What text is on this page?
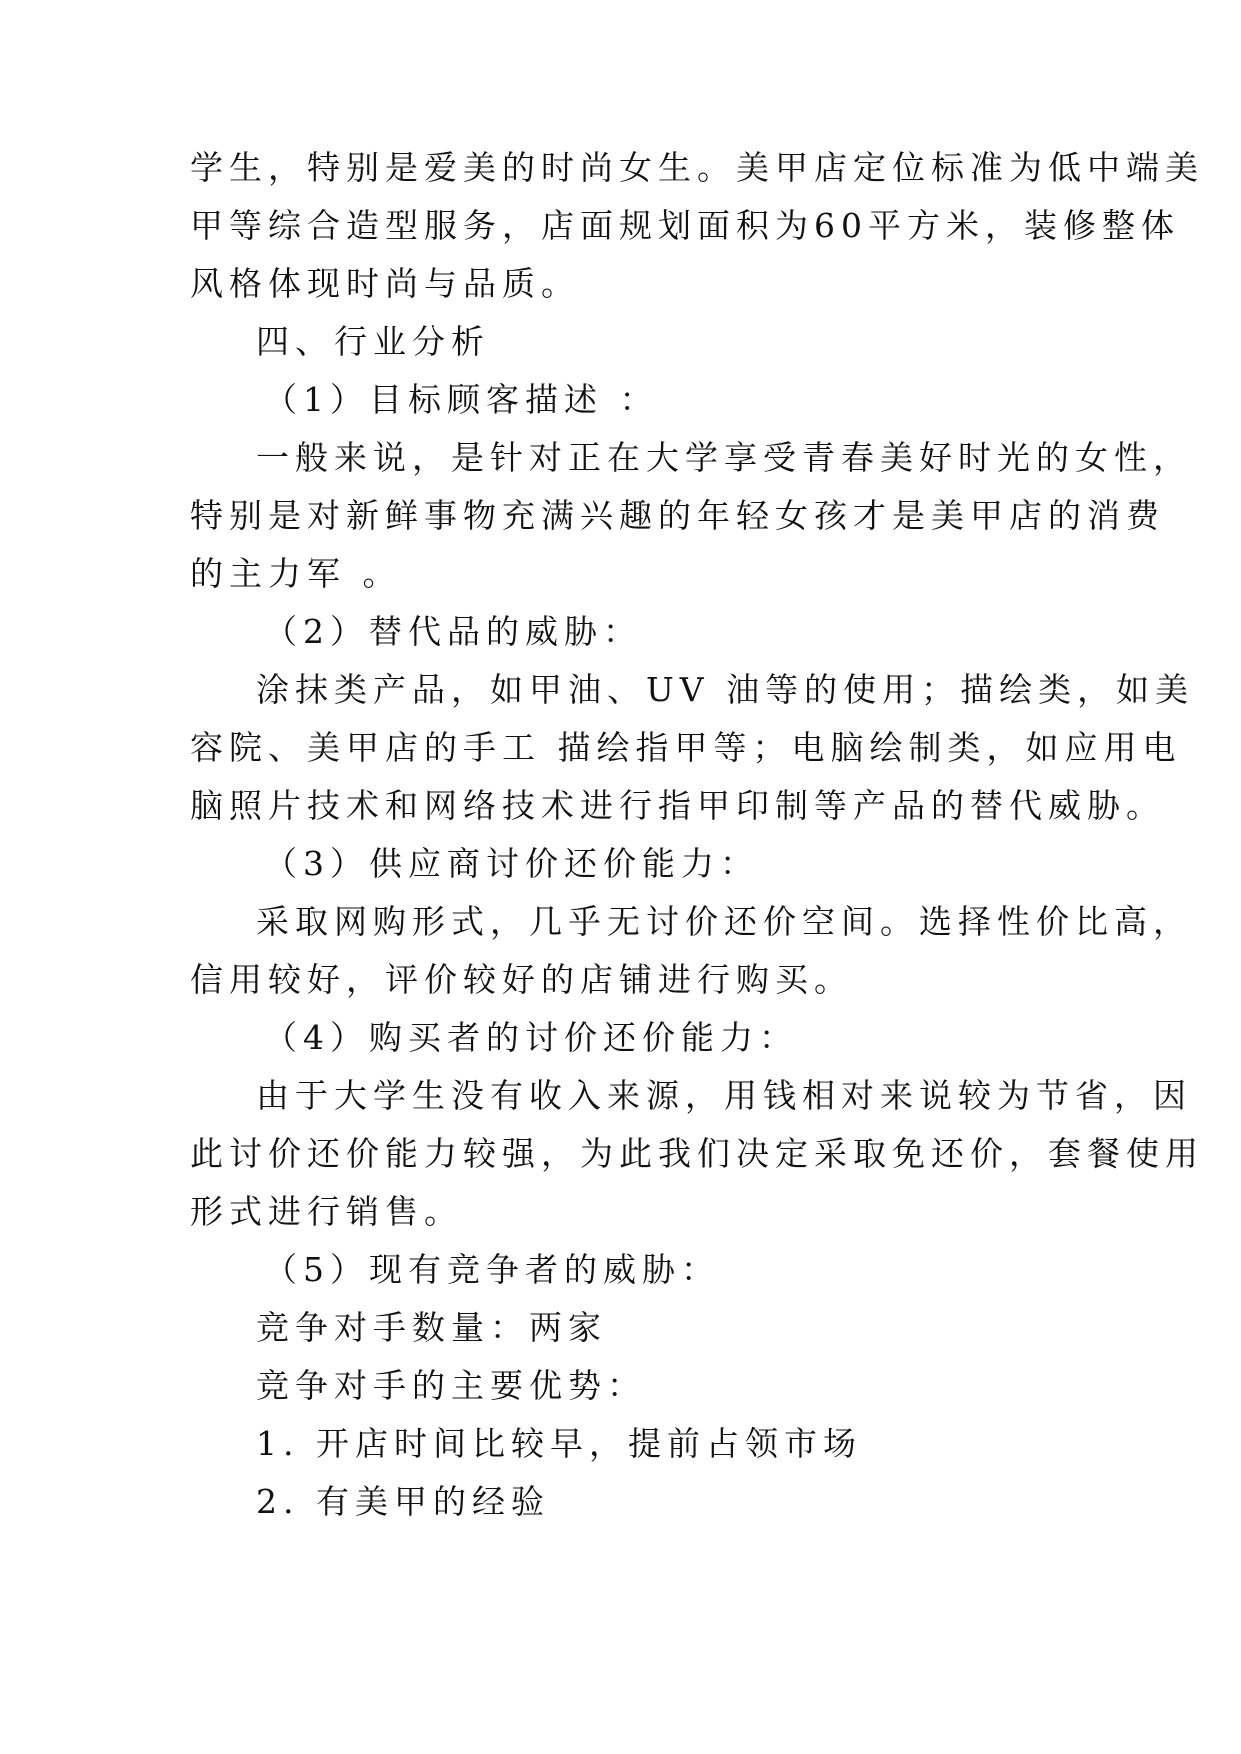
学生，特别是爱美的时尚女生。美甲店定位标准为低中端美
甲等综合造型服务，店面规划面积为60平方米，装修整体
风格体现时尚与品质。
四、行业分析
（1）目标顾客描述 ：
一般来说，是针对正在大学享受青春美好时光的女性，
特别是对新鲜事物充满兴趣的年轻女孩才是美甲店的消费
的主力军 。
（2）替代品的威胁：
涂抹类产品，如甲油、UV 油等的使用；描绘类，如美
容院、美甲店的手工 描绘指甲等；电脑绘制类，如应用电
脑照片技术和网络技术进行指甲印制等产品的替代威胁。
（3）供应商讨价还价能力：
采取网购形式，几乎无讨价还价空间。选择性价比高，
信用较好，评价较好的店铺进行购买。
（4）购买者的讨价还价能力：
由于大学生没有收入来源，用钱相对来说较为节省，因
此讨价还价能力较强，为此我们决定采取免还价，套餐使用
形式进行销售。
（5）现有竞争者的威胁：
竞争对手数量：两家
竞争对手的主要优势：
1. 开店时间比较早，提前占领市场
2. 有美甲的经验
